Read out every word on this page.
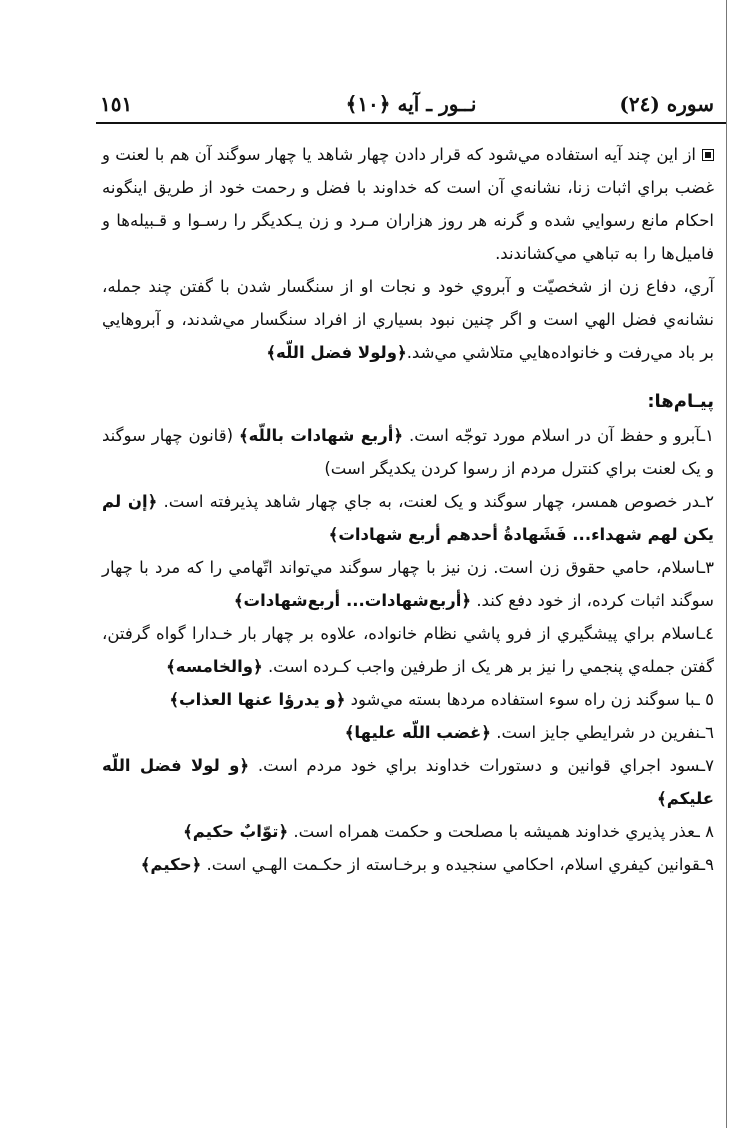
سوره (٢٤)
نــور ـ آيه ﴿١٠﴾
١٥١

از اين چند آيه استفاده مي‌شود كه قرار دادن چهار شاهد يا چهار سوگند آن هم با لعنت و غضب براي اثبات زنا، نشانه‌ي آن است كه خداوند با فضل و رحمت خود از طريق اينگونه احكام مانع رسوايي شده و گرنه هر روز هزاران مـرد و زن يـكديگر را رسـوا و قـبيله‌ها و فاميل‌ها را به تباهي مي‌كشاندند.

آري، دفاع زن از شخصيّت و آبروي خود و نجات او از سنگسار شدن با گفتن چند جمله، نشانه‌ي فضل الهي است و اگر چنين نبود بسياري از افراد سنگسار مي‌شدند، و آبروهايي بر باد مي‌رفت و خانواده‌هايي متلاشي مي‌شد.﴿ولولا فضل اللّه﴾

پيـام‌ها:
١ـآبرو و حفظ آن در اسلام مورد توجّه است. ﴿أربع شهادات باللّه﴾ (قانون چهار سوگند و يک لعنت براي كنترل مردم از رسوا كردن يكديگر است)
٢ـدر خصوص همسر، چهار سوگند و يک لعنت، به جاي چهار شاهد پذيرفته است. ﴿إن لم يكن لهم شهداء... فَشَهادةُ أحدهم أربع شهادات﴾
٣ـاسلام، حامي حقوق زن است. زن نيز با چهار سوگند مي‌تواند اتّهامي را كه مرد با چهار سوگند اثبات كرده، از خود دفع كند. ﴿أربع‌شهادات... أربع‌شهادات﴾
٤ـاسلام براي پيشگيري از فرو پاشي نظام خانواده، علاوه بر چهار بار خـدارا گواه گرفتن، گفتن جمله‌ي پنجمي را نيز بر هر يک از طرفين واجب كـرده است. ﴿والخامسه﴾
٥ ـبا سوگند زن راه سوء استفاده مردها بسته مي‌شود ﴿و يدرؤا عنها العذاب﴾
٦ـنفرين در شرايطي جايز است. ﴿غضب اللّه عليها﴾
٧ـسود اجراي قوانين و دستورات خداوند براي خود مردم است. ﴿و لولا فضل اللّه عليكم﴾
٨ ـعذر پذيري خداوند هميشه با مصلحت و حكمت همراه است. ﴿توّابٌ حكيم﴾
٩ـقوانين كيفري اسلام، احكامي سنجيده و برخـاسته از حكـمت الهـي است. ﴿حكيم﴾
